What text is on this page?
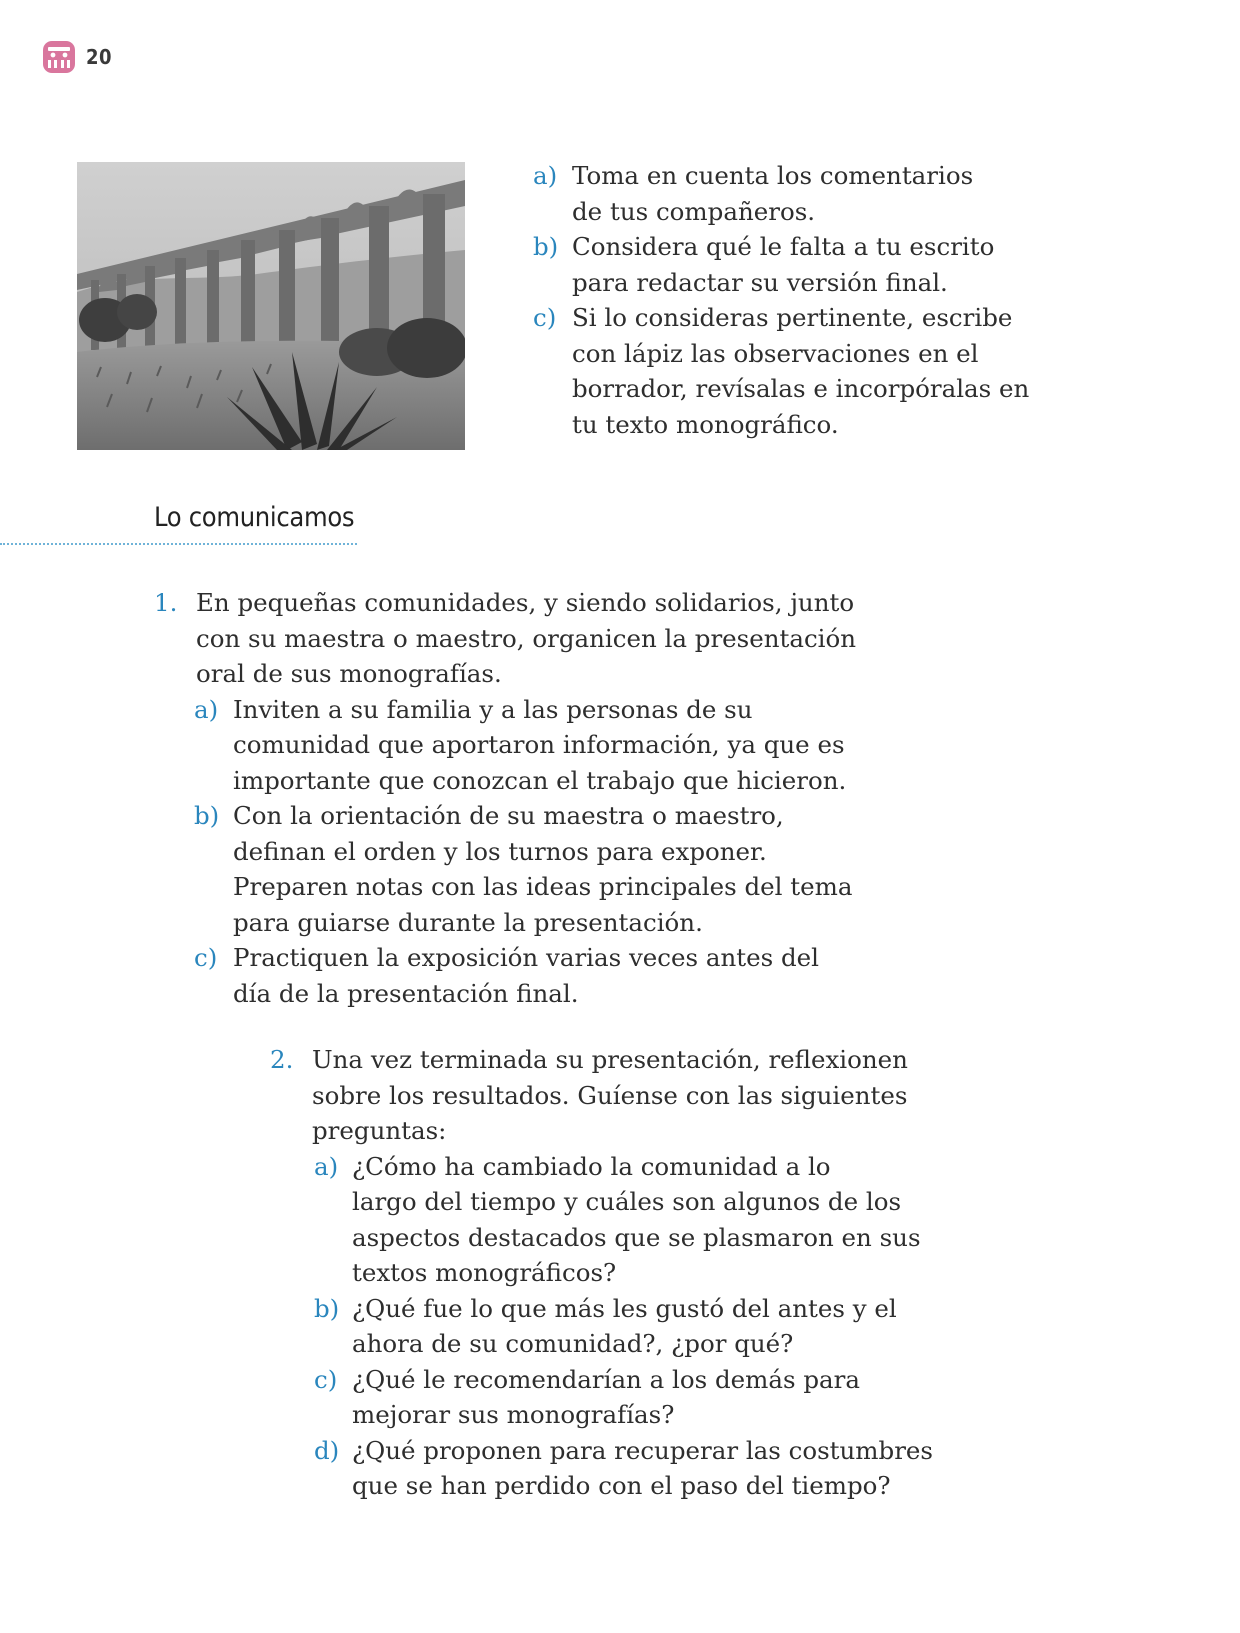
20
a) Toma en cuenta los comentarios
de tus compañeros.
b) Considera qué le falta a tu escrito
para redactar su versión final.
c) Si lo consideras pertinente, escribe
con lápiz las observaciones en el
borrador, revísalas e incorpóralas en
tu texto monográfico.
Lo comunicamos
1. En pequeñas comunidades, y siendo solidarios, junto
con su maestra o maestro, organicen la presentación
oral de sus monografías.
a) Inviten a su familia y a las personas de su
comunidad que aportaron información, ya que es
importante que conozcan el trabajo que hicieron.
b) Con la orientación de su maestra o maestro,
definan el orden y los turnos para exponer.
Preparen notas con las ideas principales del tema
para guiarse durante la presentación.
c) Practiquen la exposición varias veces antes del
día de la presentación final.
2. Una vez terminada su presentación, reflexionen
sobre los resultados. Guíense con las siguientes
preguntas:
a) ¿Cómo ha cambiado la comunidad a lo
largo del tiempo y cuáles son algunos de los
aspectos destacados que se plasmaron en sus
textos monográficos?
b) ¿Qué fue lo que más les gustó del antes y el
ahora de su comunidad?, ¿por qué?
c) ¿Qué le recomendarían a los demás para
mejorar sus monografías?
d) ¿Qué proponen para recuperar las costumbres
que se han perdido con el paso del tiempo?
